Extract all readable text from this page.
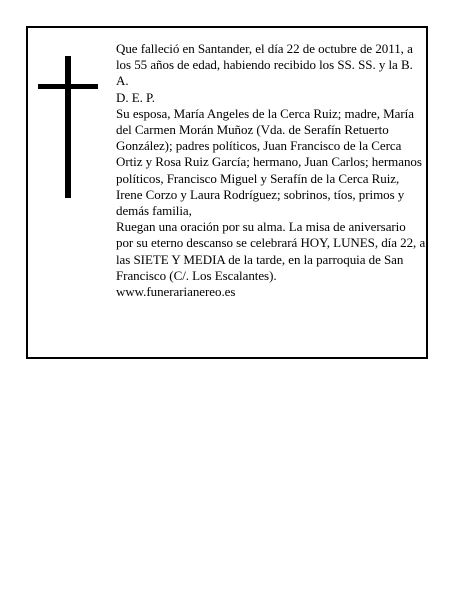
Que falleció en Santander, el día 22 de octubre de 2011, a los 55 años de edad, habiendo recibido los SS. SS. y la B. A.

D. E. P.

Su esposa, María Angeles de la Cerca Ruiz; madre, María del Carmen Morán Muñoz (Vda. de Serafín Retuerto González); padres políticos, Juan Francisco de la Cerca Ortiz y Rosa Ruiz García; hermano, Juan Carlos; hermanos políticos, Francisco Miguel y Serafín de la Cerca Ruiz, Irene Corzo y Laura Rodríguez; sobrinos, tíos, primos y demás familia,

Ruegan una oración por su alma. La misa de aniversario por su eterno descanso se celebrará HOY, LUNES, día 22, a las SIETE Y MEDIA de la tarde, en la parroquia de San Francisco (C/. Los Escalantes).

www.funerarianereo.es
